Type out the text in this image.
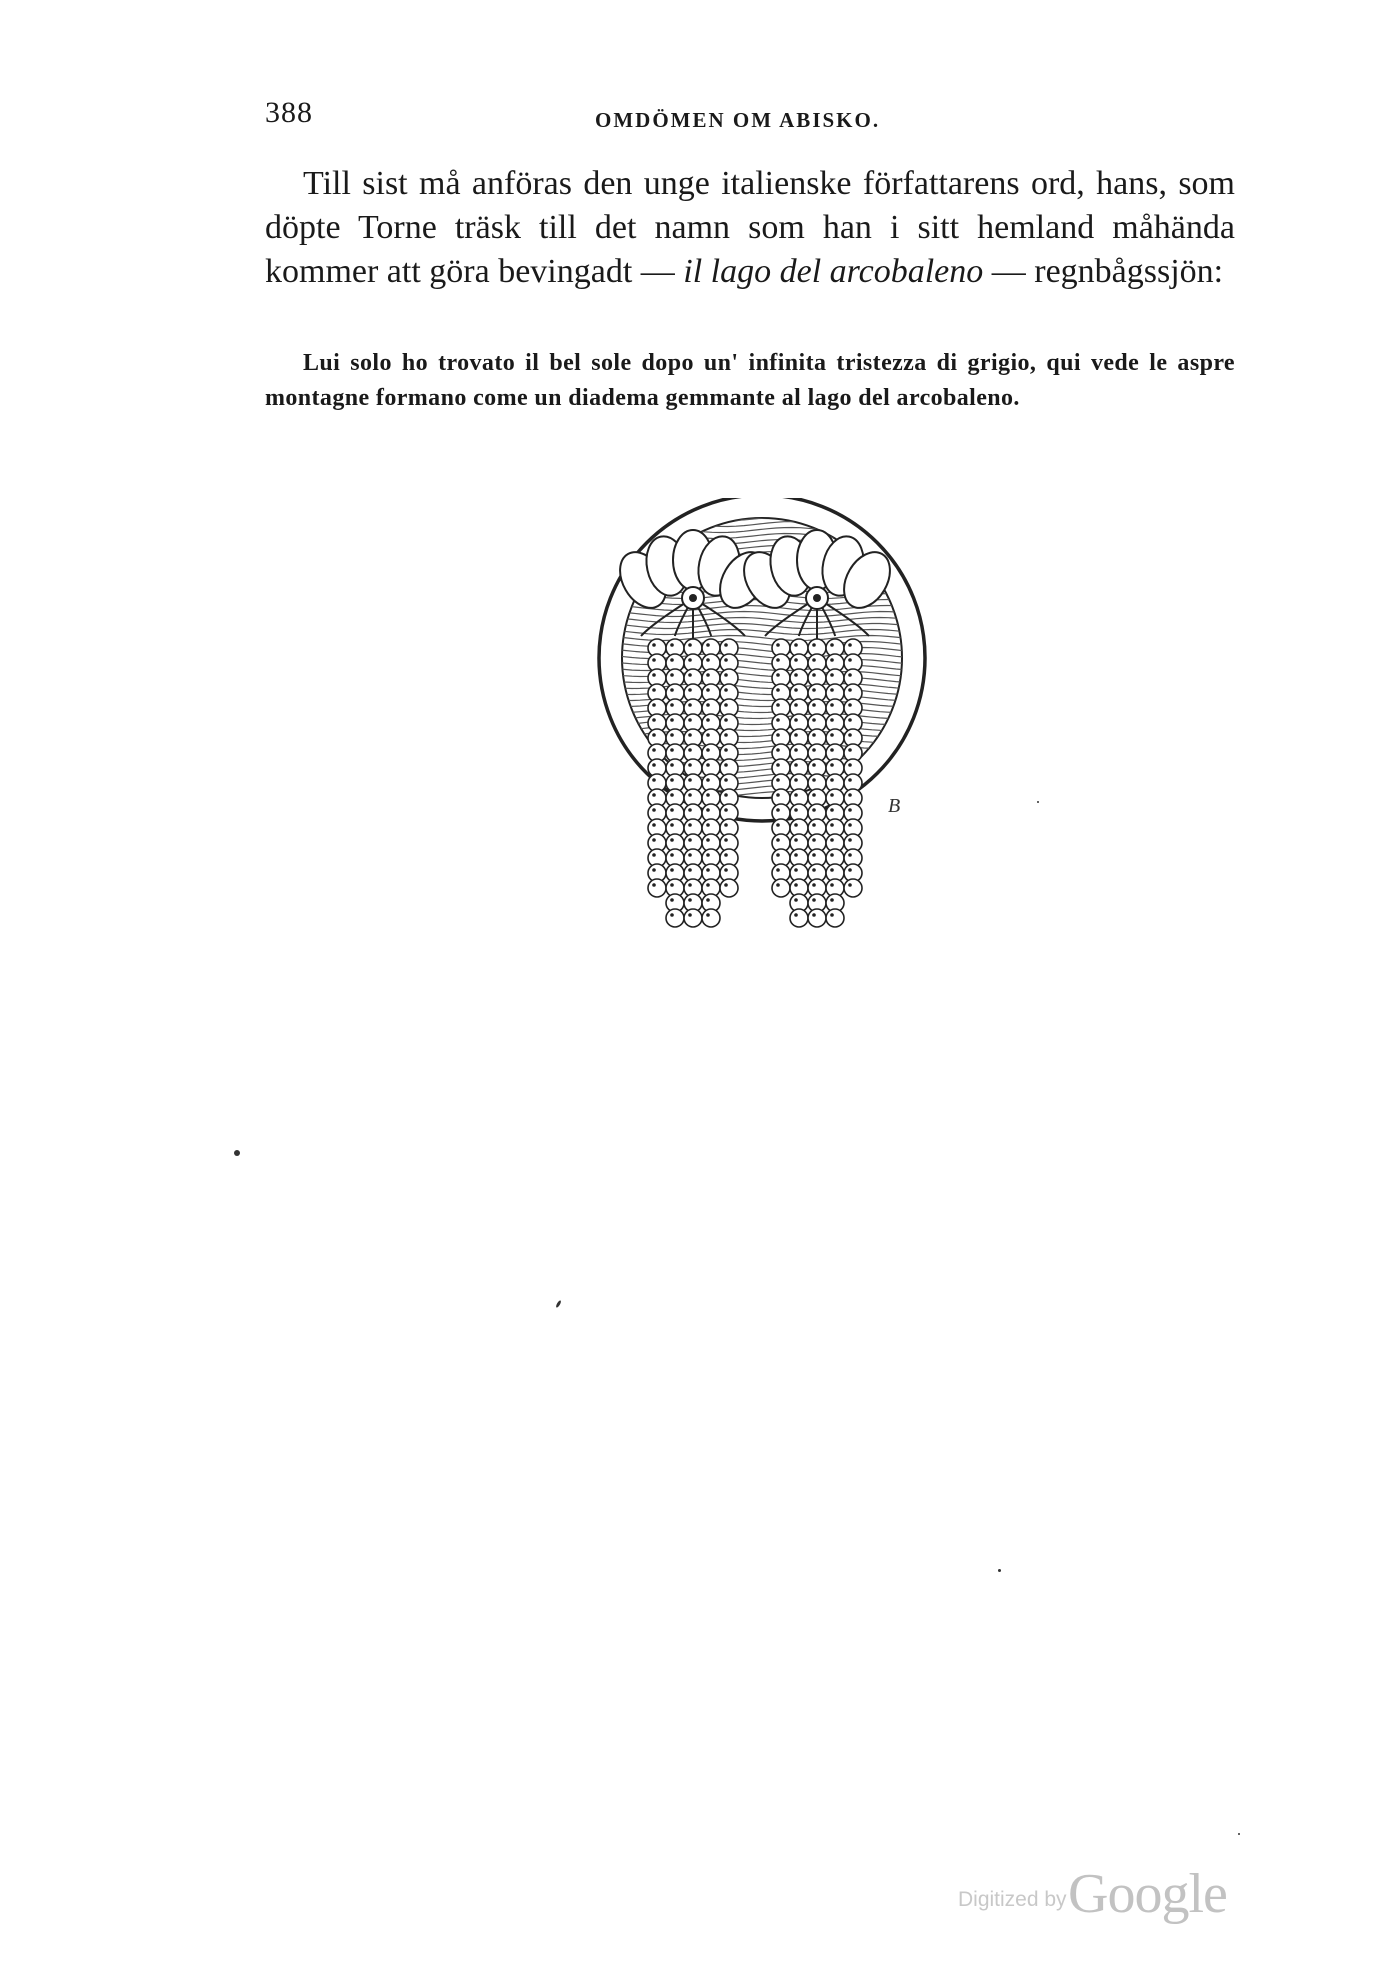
388	OMDÖMEN OM ABISKO.

Till sist må anföras den unge italienske författarens ord, hans, som döpte Torne träsk till det namn som han i sitt hemland måhända kommer att göra bevingadt — il lago del arcobaleno — regnbågssjön:

Lui solo ho trovato il bel sole dopo un' infinita tristezza di grigio, qui vede le aspre montagne formano come un diadema gemmante al lago del arcobaleno.

B
Digitized by Google
